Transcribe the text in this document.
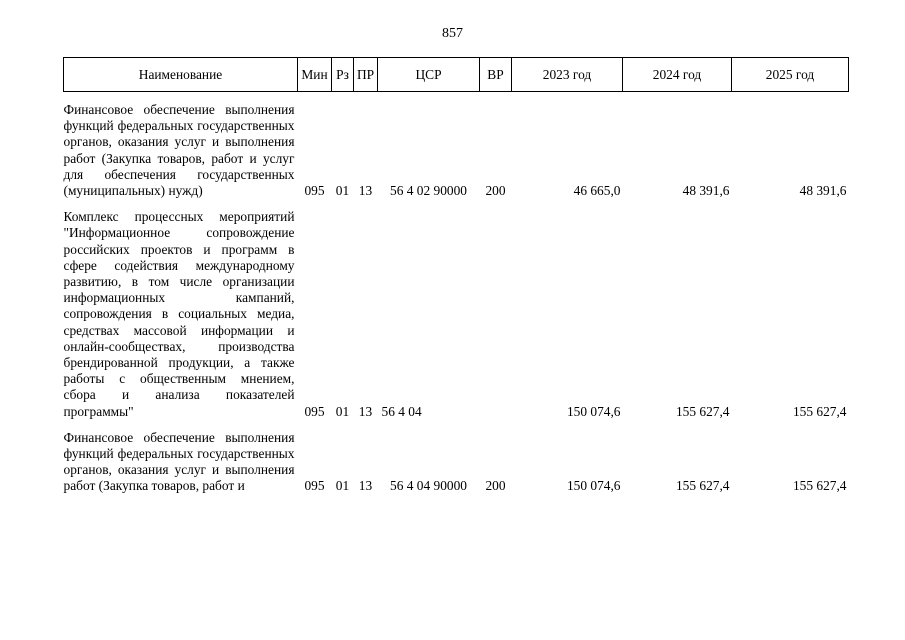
857
Наименование	Мин	Рз	ПР	ЦСР	ВР	2023 год	2024 год	2025 год

Финансовое обеспечение выполнения функций федеральных государственных органов, оказания услуг и выполнения работ (Закупка товаров, работ и услуг для обеспечения государственных (муниципальных) нужд)	095	01	13	56 4 02 90000	200	46 665,0	48 391,6	48 391,6

Комплекс процессных мероприятий "Информационное сопровождение российских проектов и программ в сфере содействия международному развитию, в том числе организации информационных кампаний, сопровождения в социальных медиа, средствах массовой информации и онлайн-сообществах, производства брендированной продукции, а также работы с общественным мнением, сбора и анализа показателей программы"	095	01	13	56 4 04		150 074,6	155 627,4	155 627,4

Финансовое обеспечение выполнения функций федеральных государственных органов, оказания услуг и выполнения работ (Закупка товаров, работ и	095	01	13	56 4 04 90000	200	150 074,6	155 627,4	155 627,4
